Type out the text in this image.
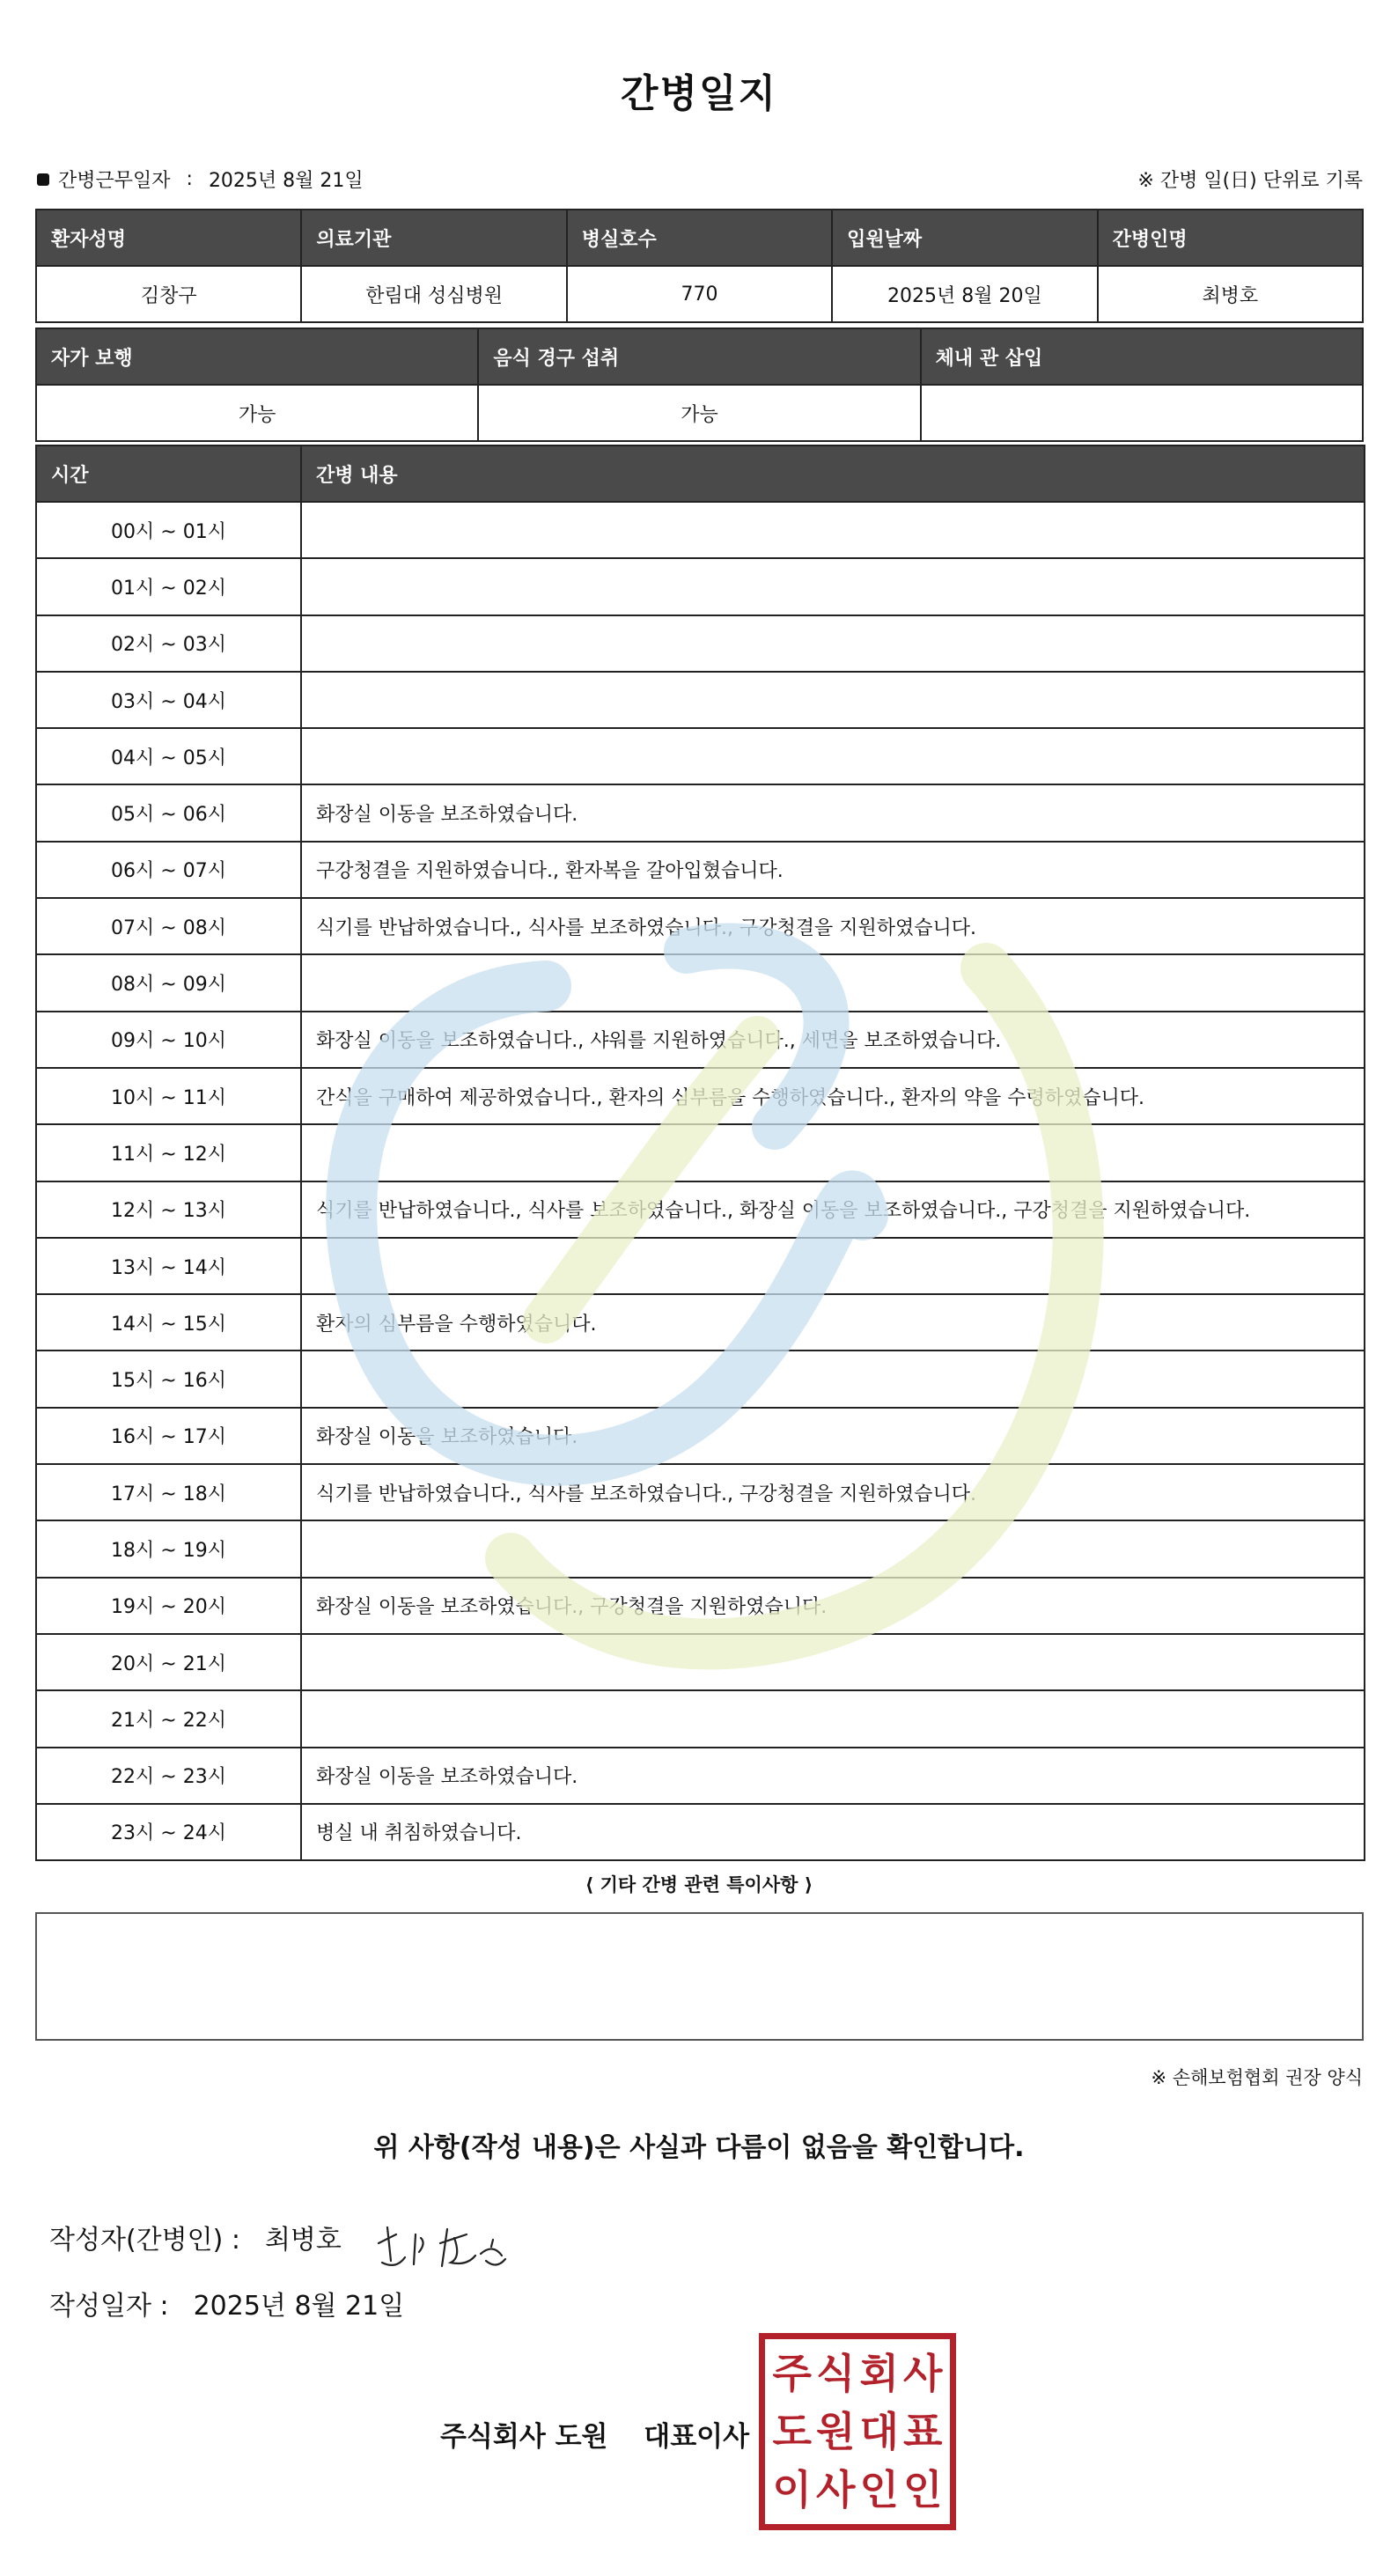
간병일지
간병근무일자 : 2025년 8월 21일	※ 간병 일(日) 단위로 기록
환자성명	의료기관	병실호수	입원날짜	간병인명
김창구	한림대 성심병원	770	2025년 8월 20일	최병호
자가 보행	음식 경구 섭취	체내 관 삽입
가능	가능	
시간	간병 내용
00시 ~ 01시	
01시 ~ 02시	
02시 ~ 03시	
03시 ~ 04시	
04시 ~ 05시	
05시 ~ 06시	화장실 이동을 보조하였습니다.
06시 ~ 07시	구강청결을 지원하였습니다., 환자복을 갈아입혔습니다.
07시 ~ 08시	식기를 반납하였습니다., 식사를 보조하였습니다., 구강청결을 지원하였습니다.
08시 ~ 09시	
09시 ~ 10시	화장실 이동을 보조하였습니다., 샤워를 지원하였습니다., 세면을 보조하였습니다.
10시 ~ 11시	간식을 구매하여 제공하였습니다., 환자의 심부름을 수행하였습니다., 환자의 약을 수령하였습니다.
11시 ~ 12시	
12시 ~ 13시	식기를 반납하였습니다., 식사를 보조하였습니다., 화장실 이동을 보조하였습니다., 구강청결을 지원하였습니다.
13시 ~ 14시	
14시 ~ 15시	환자의 심부름을 수행하였습니다.
15시 ~ 16시	
16시 ~ 17시	화장실 이동을 보조하였습니다.
17시 ~ 18시	식기를 반납하였습니다., 식사를 보조하였습니다., 구강청결을 지원하였습니다.
18시 ~ 19시	
19시 ~ 20시	화장실 이동을 보조하였습니다., 구강청결을 지원하였습니다.
20시 ~ 21시	
21시 ~ 22시	
22시 ~ 23시	화장실 이동을 보조하였습니다.
23시 ~ 24시	병실 내 취침하였습니다.
⟨ 기타 간병 관련 특이사항 ⟩
※ 손해보험협회 권장 양식
위 사항(작성 내용)은 사실과 다름이 없음을 확인합니다.
작성자(간병인) : 최병호
작성일자 : 2025년 8월 21일
주식회사 도원 대표이사
주 식 회 사
도 원 대 표
이 사 인 인
